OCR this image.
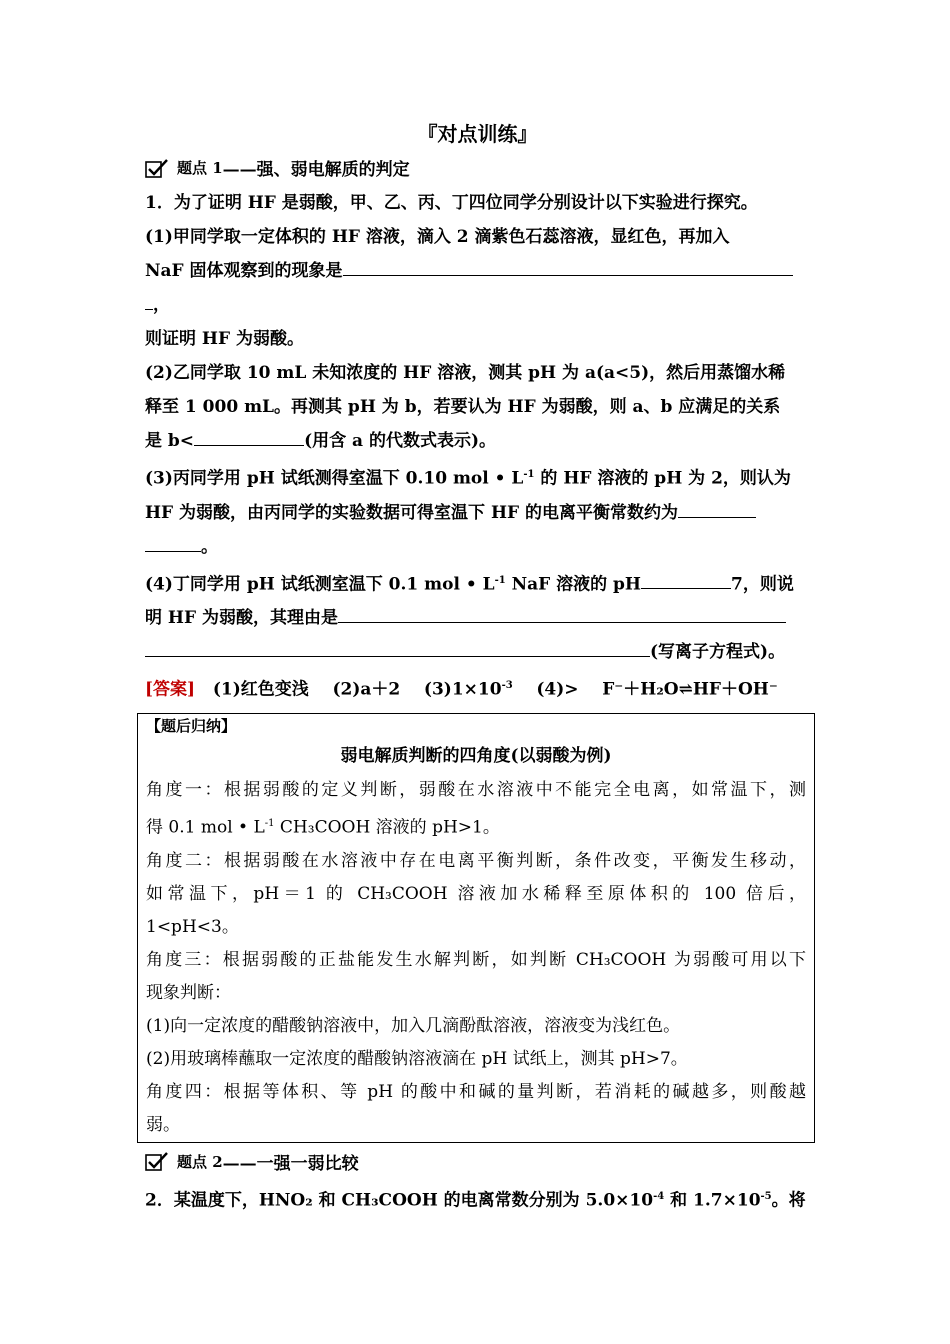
『对点训练』
题点 1 ——强、弱电解质的判定

1．为了证明 HF 是弱酸，甲、乙、丙、丁四位同学分别设计以下实验进行探究。

(1)甲同学取一定体积的 HF 溶液，滴入 2 滴紫色石蕊溶液，显红色，再加入

NaF 固体观察到的现象是

，

则证明 HF 为弱酸。

(2)乙同学取 10 mL 未知浓度的 HF 溶液，测其 pH 为 a(a<5)，然后用蒸馏水稀

释至 1 000 mL。再测其 pH 为 b，若要认为 HF 为弱酸，则 a、b 应满足的关系

是 b<	(用含 a 的代数式表示)。

(3)丙同学用 pH 试纸测得室温下 0.10 mol • $L^{-1}$ 的 HF 溶液的 pH 为 2，则认为

HF 为弱酸，由丙同学的实验数据可得室温下 HF 的电离平衡常数约为

。

(4)丁同学用 pH 试纸测室温下 0.1 mol • $L^{-1}$ NaF 溶液的 pH	7，则说

明 HF 为弱酸，其理由是

(写离子方程式)。

[答案] (1)红色变浅 (2)a＋2 $(3)1\times 10^{-3}$ (4)> F⁻＋H₂O⇌HF＋OH⁻

【题后归纳】
弱电解质判断的四角度(以弱酸为例)

角度一：根据弱酸的定义判断，弱酸在水溶液中不能完全电离，如常温下，测

得 0.1 mol • $L^{-1}$ CH₃COOH 溶液的 pH>1。

角度二：根据弱酸在水溶液中存在电离平衡判断，条件改变，平衡发生移动，

如常温下，pH＝1 的 CH₃COOH 溶液加水稀释至原体积的 100 倍后，

1<pH<3。

角度三：根据弱酸的正盐能发生水解判断，如判断 CH₃COOH 为弱酸可用以下

现象判断：

(1)向一定浓度的醋酸钠溶液中，加入几滴酚酞溶液，溶液变为浅红色。

(2)用玻璃棒蘸取一定浓度的醋酸钠溶液滴在 pH 试纸上，测其 pH>7。

角度四：根据等体积、等 pH 的酸中和碱的量判断，若消耗的碱越多，则酸越

弱。

题点 2 ——一强一弱比较

2．某温度下，HNO₂ 和 CH₃COOH 的电离常数分别为 $5.0\times 10^{-4}$ 和 $1.7\times 10^{-5}$。将
